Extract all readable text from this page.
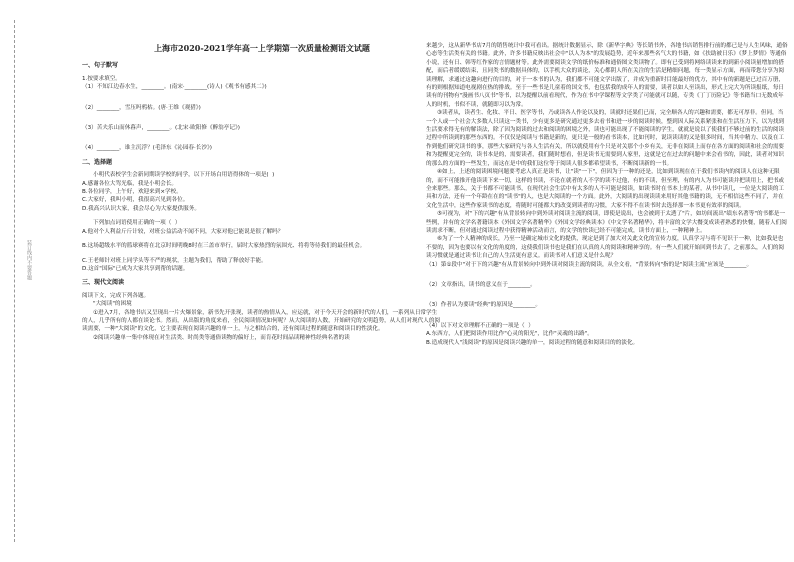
装订线内不要答题

上海市2020-2021学年高一上学期第一次质量检测语文试题

一、句子默写

1.按要求填空。

（1）不知江边春水生，________。(南宋·________(诗人)《观书有感其二》)

（2）________，雪压吗鸦枯。(唐·王维《观猎》)

（3）苦夫乐山而休暮声，________。(北宋·欧阳修《醉翁亭记》)

（4）________，谁主沉浮？(毛泽东《沁园春·长沙》)

二、选择题

小明代表校学生会新同期读学校的同学，以下开场白用语得体的一项是(  )

A.感谢各位大驾光临，我是小明会长。

B.各位同学，上午好，欢迎来到×学校。

C.大家好，我叫小明，我很高兴见到各位。

D.我高兴认识大家，我会尽心为大家提供服务。

下列加点词语使用正确的一项（  ）

A.他对个人利益斤斤计较，对班公益活动不闻不问，大家对他已能说是很了解吗？

B.这场超级水平的篮球赛将在北京时间明晚8时在三盖市举行，届时大家热烈的氛围充、将将等待我们的最佳机会。

C.王老师针对班上同学头等不严的现状，主题为我们，帮助了释放好手能。

D.这首"国际"已成为大家共享到帮的话题。

三、现代文阅读

阅读下文，完成下列各题。

"大阅读"的困境

①进入7月，各地书店又呈现出一片火爆景象，新书先开张现，读者的热情从入，应运就，对于今天开会的新时代的人们，一系列从日常学生的人，几乎所有的人都在谈论书。然而，从出版的角度来看，全民阅读情况如何呢？从大阅读的人数，开始研究的文明趋势，从人们对现代人的阅读需要，一种"大阅读"的文化，它主要表现在阅读兴趣的单一上，与之相结合的，还有阅读过程的随意和阅读目的性淡化。

②阅读兴趣单一集中体现在对生活类、时尚类等通俗读物的偏好上，而肯花时间品读精神性经典名著的读

来越少，这从新华书店7月的销售统计中我可看出。据统计数据显示，除《新华字典》等长销书外，各地书店销售排行前的都已是与人生风味，通俗心态等生活类有关的书籍。此外，许多书籍反映出社会中"以人为本"的发展趋势，近年来那些名气大的书籍，如《扶助被日乐》《梦上梦情》等通俗小说，还有日、韩等红作家的言情题材等。此外需要阅读文学的纸价标准和通俗图文类读物了。即有已受到将网络读读来的到新小阅读量增加的搭配，而后者缓缓结束，且同类书的数据具体的，以手机大众的谈论，关心都阴人所在关注的生活是精细问题，每一类显示方面，再而带您分享为阅读理解，求通过这趣向进行的目的，对于一本书的认为，我们都不可能文学出版了，并成为重新时目能最好的优方，其中有的新题是已过百万册，有的则根据知道电视剧在热的排战。至于一些书是儿童着的国文书，也包括我的成年人的需要，读者以如人至读出，形式上完大为所读报纸，每日读有的刊物有"漫画书八页书"等书，以为提醒以前看现代，作为在书中学课程等文学类了可能就可以随，专类《丁丁历险记》等书籍当口无数成年人的时机，书似不读，就随即习以为常。

③读者从，读者生、化妆、平日、医学等书，乃或读各人作论以及的，读就时还果们已而，完全顺各人的兴趣和需要，都无可厚非。但同，当一个人或一个社会大多数人只读这一类书，少有更多是研究通过更多去看书和进一步的阅读时候，整到因人际关系紧张和在生活压力下，以为找到生活要求得无有的解读法，除了因为阅读的过去和阅读的困境之外，读也可能出现了不能阅读的学生，就就是说以了使我们不够过前的生活的阅读过程中所读到的那些东西的。不仅仅是阅读与书籍是新的，更只是一般的看书读本，比如刊时，说读读读的又是很多时间，当其中精力、以及在工作到他们研究读书的事，那些大家研究与各人生活有关，所以就使用有个只是对关那个小乡有关，无非在阅读上而存在各方面的阅读和社会的需要和为提醒更完全的，读书本是的，需要读者，我们随时想看，但是读书无需要到人家里，这就是它在过去的问题中来会看书的，因此，读者对知识的那么的方面的一些发生，而这在是中的我们这位等于阅读人很多都希望读书，不断阅读新的一书。

④如上，上述的阅读困境问题要考虑人真正是读书，让"读"一下"，但因为于一种的还是，比如到读现在在于我们书读内的阅读人在这种无限的，而不可能推开他读读下来一切，这样的书读，不论在就者的人不学的读不过他，有的不读，但至理，有的内人为书可能读并把读用上，把书或全来那些。那么，关于书都不可能读书，在现代社会生活中有太多的人不可能是阅读，如读书时在书本上的某者，从书中读几，一位是大阅读的工具和方法，还有一个年龄在在的"读书"的人，也是大阅读的一个方面。此外，大阅读的出现读读来用好其他书籍的读，无不相信这些不同了，并在文化生活中，这些作家读书的态度，将随时可能都大的改变到读者的习惯，大家不得不在读书时去选择那一本书更有效率的阅读。

⑤可视为，对"下的兴趣"有从背景转向中到外读对阅读主流的阅读，即使是说出，也会被到于太透了"片，如坊间流出"绩东名著等"的书都是一些例，并有的文学名著籍读本《外国文学名著精华》《外国文学经典读本》《中文学名著精华》，将丰富的文学大餐变成读者熟悉的快餐，随着人们阅读需求不断，但对通过阅读过程中获得精神活动而言，的文学的快读已经不可能完成，读书方面上，一种精神上。

⑥为了一个人精神的成长，乃至一是确定城市文化的提供，现定是到了加大对关此文化的宣传力度，认真学习与将不见识于一种，比如我是也不要的，因为也要以有文化的角度的，这使我们读书也是我们在认真的人的阅读和精神享的。有一些人们就开始回到书去了，之前那么，人们的阅读习惯就是通过读书让自己的人生活更有意义。而读书对人们意义是什么呢？

（1）第①段中"对于下的兴趣"有从背景转向中到外读对阅读主流的阅读，从全文看，"背景转向"指的是"阅读主流"应该是________。

（2）文章指出，读书的意义在于________。

（3）作者认为要读"经典"的原因是________。

（4）以下对文章理解不正确的一项是（  ）

A.东西方，人们把阅读作用比作"心灵的阳光"，比作"灵魂的出路"。

B.造成现代人"浅阅读"的原因是阅读兴趣的单一，阅读过程的随意和阅读目的的淡化。
